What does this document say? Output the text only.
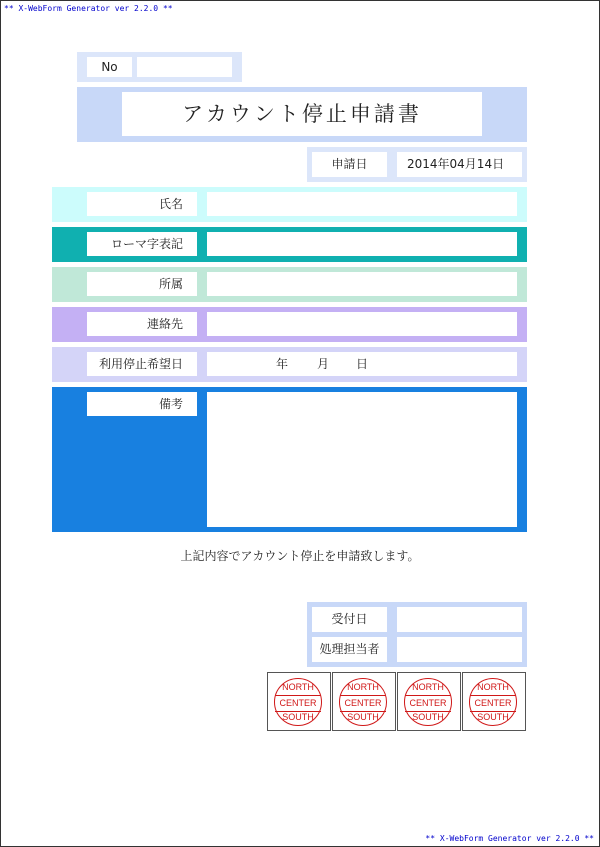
** X-WebForm Generator ver 2.2.0 **
No
アカウント停止申請書
申請日	2014年04月14日
氏名
ローマ字表記
所属
連絡先
利用停止希望日	年 月 日
備考
上記内容でアカウント停止を申請致します。
受付日
処理担当者
NORTH
CENTER
SOUTH
NORTH
CENTER
SOUTH
NORTH
CENTER
SOUTH
NORTH
CENTER
SOUTH
** X-WebForm Generator ver 2.2.0 **
